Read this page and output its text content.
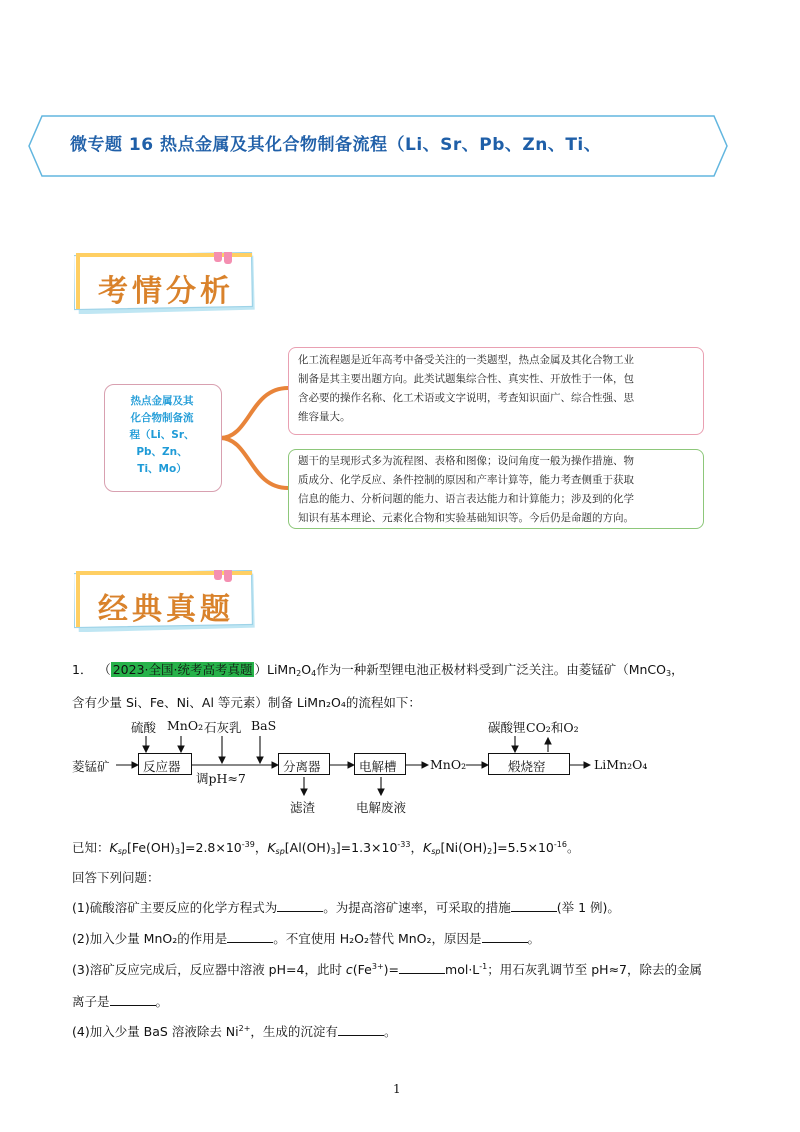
微专题 16 热点金属及其化合物制备流程（Li、Sr、Pb、Zn、Ti、
考情分析
热点金属及其
化合物制备流
程（Li、Sr、
Pb、Zn、
Ti、Mo）
化工流程题是近年高考中备受关注的一类题型，热点金属及其化合物工业
制备是其主要出题方向。此类试题集综合性、真实性、开放性于一体，包
含必要的操作名称、化工术语或文字说明，考查知识面广、综合性强、思
维容量大。
题干的呈现形式多为流程图、表格和图像；设问角度一般为操作措施、物
质成分、化学反应、条件控制的原因和产率计算等，能力考查侧重于获取
信息的能力、分析问题的能力、语言表达能力和计算能力；涉及到的化学
知识有基本理论、元素化合物和实验基础知识等。今后仍是命题的方向。
经典真题
1． （ 2023·全国·统考高考真题 ）$LiMn_2O_4$作为一种新型锂电池正极材料受到广泛关注。由菱锰矿（MnCO$_3$，
含有少量 Si、Fe、Ni、Al 等元素）制备 LiMn₂O₄的流程如下：
菱锰矿
硫酸 MnO₂ 石灰乳 BaS
反应器
调pH≈7
分离器
滤渣
电解槽
电解废液
MnO₂
碳酸锂 CO₂和O₂
煅烧窑	LiMn₂O₄
已知：$K_{sp}[Fe(OH)_3]=2.8\times 10^{-39}$，$K_{sp}[Al(OH)_3]=1.3\times 10^{-33}$，$K_{sp}[Ni(OH)_2]=5.5\times 10^{-16}$。
回答下列问题：
(1)硫酸溶矿主要反应的化学方程式为	。为提高溶矿速率，可采取的措施	(举 1 例)。
(2)加入少量 MnO₂的作用是	。不宜使用 H₂O₂替代 MnO₂，原因是	。
(3)溶矿反应完成后，反应器中溶液 pH=4，此时 $c(Fe^{3+})=$	$mol\cdot L^{-1}$；用石灰乳调节至 pH≈7，除去的金属
离子是	。
(4)加入少量 BaS 溶液除去 $Ni^{2+}$，生成的沉淀有	。
1
